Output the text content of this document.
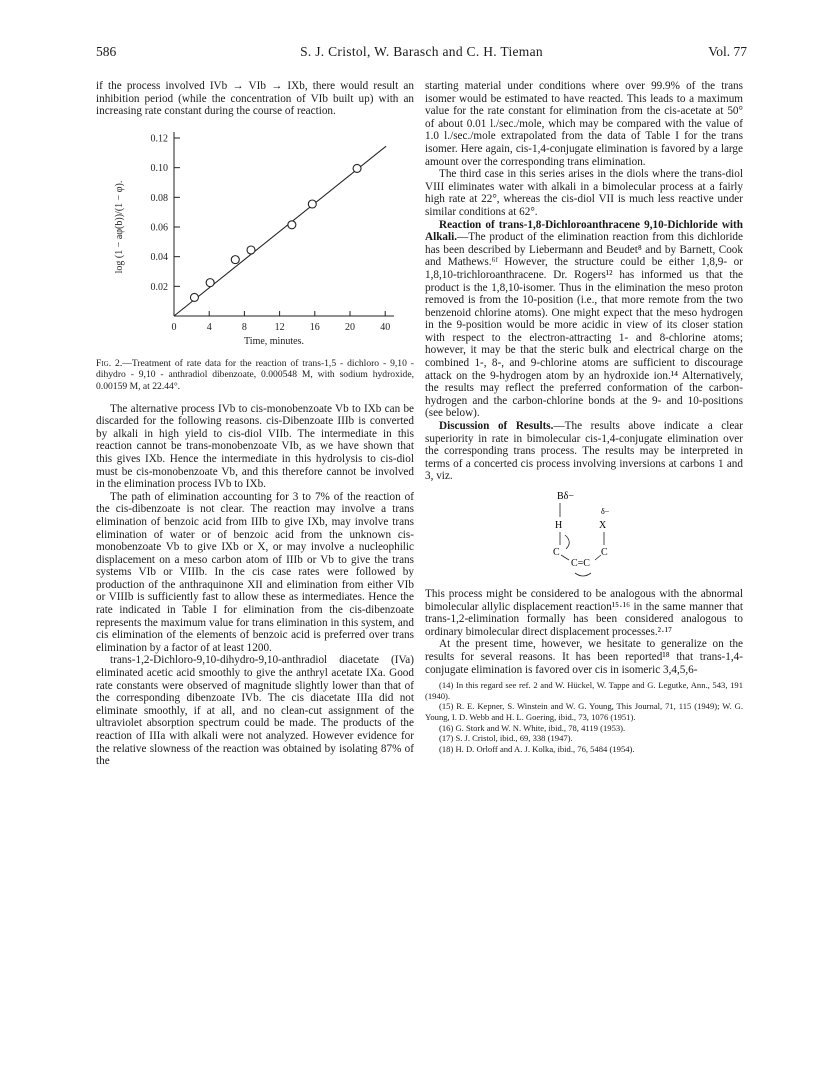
586	S. J. Cristol, W. Barasch and C. H. Tieman	Vol. 77

if the process involved IVb → VIb → IXb, there would result an inhibition period (while the concentration of VIb built up) with an increasing rate constant during the course of reaction.

0.02
0.04
0.06
0.08
0.10
0.12
0	4	8	12	16	20	40
Time, minutes.
log (1 − aφ(b))/(1 − φ).
Fig. 2.—Treatment of rate data for the reaction of trans-1,5 - dichloro - 9,10 - dihydro - 9,10 - anthradiol dibenzoate, 0.000548 M, with sodium hydroxide, 0.00159 M, at 22.44°.

The alternative process IVb to cis-monobenzoate Vb to IXb can be discarded for the following reasons. cis-Dibenzoate IIIb is converted by alkali in high yield to cis-diol VIIb. The intermediate in this reaction cannot be trans-monobenzoate VIb, as we have shown that this gives IXb. Hence the intermediate in this hydrolysis to cis-diol must be cis-monobenzoate Vb, and this therefore cannot be involved in the elimination process IVb to IXb.

The path of elimination accounting for 3 to 7% of the reaction of the cis-dibenzoate is not clear. The reaction may involve a trans elimination of benzoic acid from IIIb to give IXb, may involve trans elimination of water or of benzoic acid from the unknown cis-monobenzoate Vb to give IXb or X, or may involve a nucleophilic displacement on a meso carbon atom of IIIb or Vb to give the trans systems VIb or VIIIb. In the cis case rates were followed by production of the anthraquinone XII and elimination from either VIb or VIIIb is sufficiently fast to allow these as intermediates. Hence the rate indicated in Table I for elimination from the cis-dibenzoate represents the maximum value for trans elimination in this system, and cis elimination of the elements of benzoic acid is preferred over trans elimination by a factor of at least 1200.

trans-1,2-Dichloro-9,10-dihydro-9,10-anthradiol diacetate (IVa) eliminated acetic acid smoothly to give the anthryl acetate IXa. Good rate constants were observed of magnitude slightly lower than that of the corresponding dibenzoate IVb. The cis diacetate IIIa did not eliminate smoothly, if at all, and no clean-cut assignment of the ultraviolet absorption spectrum could be made. The products of the reaction of IIIa with alkali were not analyzed. However evidence for the relative slowness of the reaction was obtained by isolating 87% of the

starting material under conditions where over 99.9% of the trans isomer would be estimated to have reacted. This leads to a maximum value for the rate constant for elimination from the cis-acetate at 50° of about 0.01 l./sec./mole, which may be compared with the value of 1.0 l./sec./mole extrapolated from the data of Table I for the trans isomer. Here again, cis-1,4-conjugate elimination is favored by a large amount over the corresponding trans elimination.

The third case in this series arises in the diols where the trans-diol VIII eliminates water with alkali in a bimolecular process at a fairly high rate at 22°, whereas the cis-diol VII is much less reactive under similar conditions at 62°.

Reaction of trans-1,8-Dichloroanthracene 9,10-Dichloride with Alkali.—The product of the elimination reaction from this dichloride has been described by Liebermann and Beudet⁸ and by Barnett, Cook and Mathews.⁶ᶠ However, the structure could be either 1,8,9- or 1,8,10-trichloroanthracene. Dr. Rogers¹² has informed us that the product is the 1,8,10-isomer. Thus in the elimination the meso proton removed is from the 10-position (i.e., that more remote from the two benzenoid chlorine atoms). One might expect that the meso hydrogen in the 9-position would be more acidic in view of its closer station with respect to the electron-attracting 1- and 8-chlorine atoms; however, it may be that the steric bulk and electrical charge on the combined 1-, 8-, and 9-chlorine atoms are sufficient to discourage attack on the 9-hydrogen atom by an hydroxide ion.¹⁴ Alternatively, the results may reflect the preferred conformation of the carbon-hydrogen and the carbon-chlorine bonds at the 9- and 10-positions (see below).

Discussion of Results.—The results above indicate a clear superiority in rate in bimolecular cis-1,4-conjugate elimination over the corresponding trans process. The results may be interpreted in terms of a concerted cis process involving inversions at carbons 1 and 3, viz.

Bδ−
H
δ−
X
C
C=C
C

This process might be considered to be analogous with the abnormal bimolecular allylic displacement reaction¹⁵·¹⁶ in the same manner that trans-1,2-elimination formally has been considered analogous to ordinary bimolecular direct displacement processes.²·¹⁷

At the present time, however, we hesitate to generalize on the results for several reasons. It has been reported¹⁸ that trans-1,4-conjugate elimination is favored over cis in isomeric 3,4,5,6-

(14) In this regard see ref. 2 and W. Hückel, W. Tappe and G. Legutke, Ann., 543, 191 (1940).

(15) R. E. Kepner, S. Winstein and W. G. Young, This Journal, 71, 115 (1949); W. G. Young, I. D. Webb and H. L. Goering, ibid., 73, 1076 (1951).

(16) G. Stork and W. N. White, ibid., 78, 4119 (1953).

(17) S. J. Cristol, ibid., 69, 338 (1947).

(18) H. D. Orloff and A. J. Kolka, ibid., 76, 5484 (1954).
